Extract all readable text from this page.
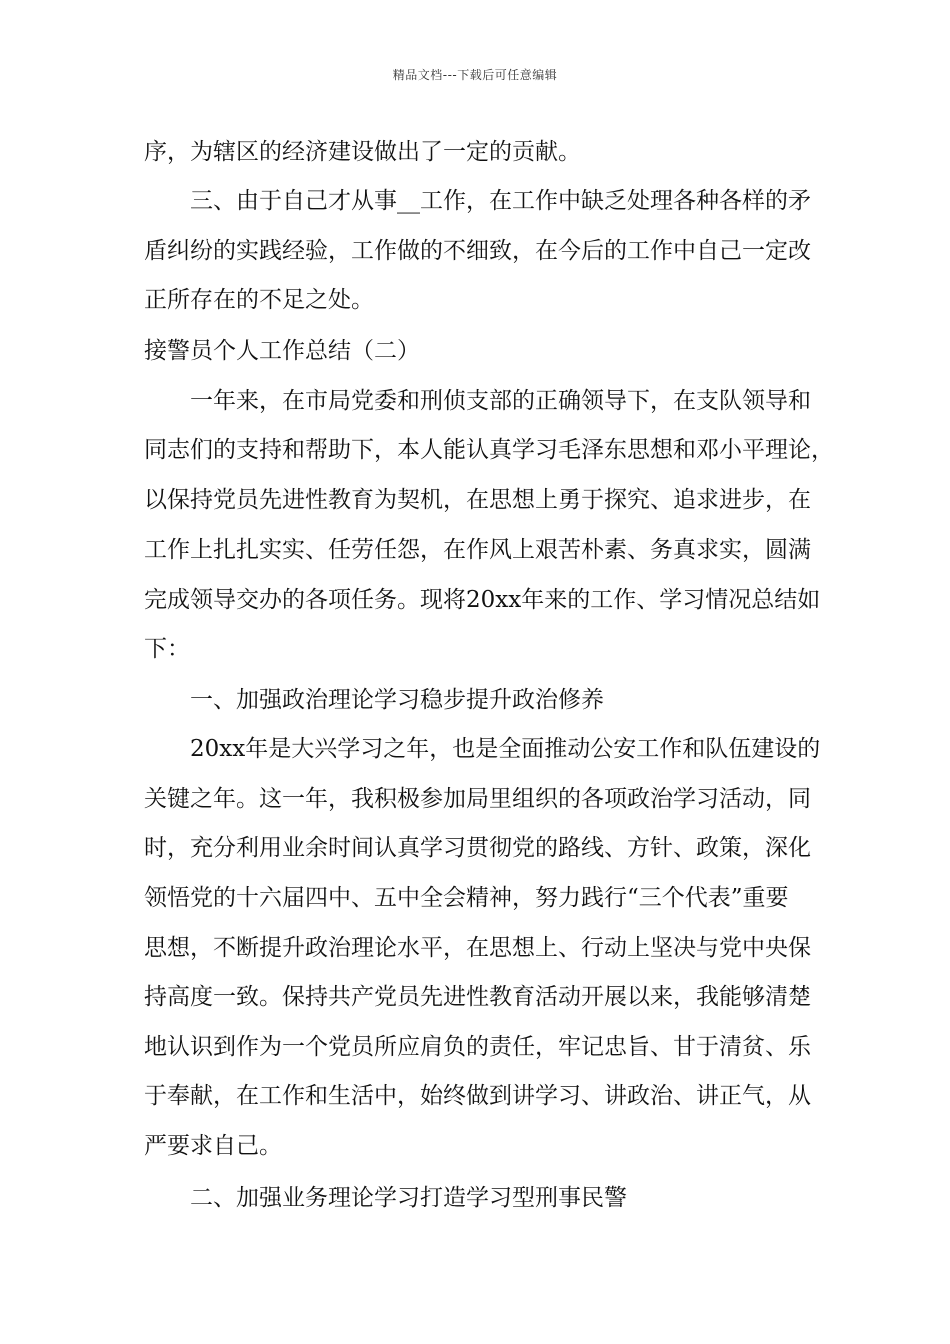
精品文档---下载后可任意编辑
序，为辖区的经济建设做出了一定的贡献。
三、由于自己才从事__工作，在工作中缺乏处理各种各样的矛
盾纠纷的实践经验，工作做的不细致，在今后的工作中自己一定改
正所存在的不足之处。
接警员个人工作总结（二）
一年来，在市局党委和刑侦支部的正确领导下，在支队领导和
同志们的支持和帮助下，本人能认真学习毛泽东思想和邓小平理论，
以保持党员先进性教育为契机，在思想上勇于探究、追求进步，在
工作上扎扎实实、任劳任怨，在作风上艰苦朴素、务真求实，圆满
完成领导交办的各项任务。现将20xx年来的工作、学习情况总结如
下：
一、加强政治理论学习稳步提升政治修养
20xx年是大兴学习之年，也是全面推动公安工作和队伍建设的
关键之年。这一年，我积极参加局里组织的各项政治学习活动，同
时，充分利用业余时间认真学习贯彻党的路线、方针、政策，深化
领悟党的十六届四中、五中全会精神，努力践行“三个代表”重要
思想，不断提升政治理论水平，在思想上、行动上坚决与党中央保
持高度一致。保持共产党员先进性教育活动开展以来，我能够清楚
地认识到作为一个党员所应肩负的责任，牢记忠旨、甘于清贫、乐
于奉献，在工作和生活中，始终做到讲学习、讲政治、讲正气，从
严要求自己。
二、加强业务理论学习打造学习型刑事民警
